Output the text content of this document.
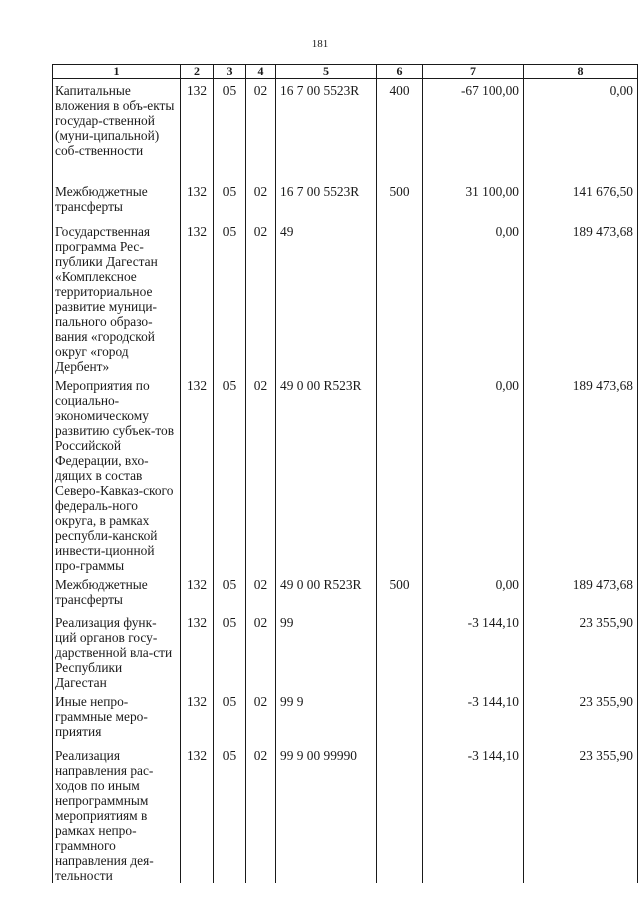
181
1	2	3	4	5	6	7	8
Капитальные вложения в объ-екты государ-ственной (муни-ципальной) соб-ственности	132	05	02	16 7 00 5523R	400	-67 100,00	0,00
Межбюджетные трансферты	132	05	02	16 7 00 5523R	500	31 100,00	141 676,50
Государственная программа Рес-публики Дагестан «Комплексное территориальное развитие муници-пального образо-вания «городской округ «город Дербент»	132	05	02	49		0,00	189 473,68
Мероприятия по социально-экономическому развитию субъек-тов Российской Федерации, вхо-дящих в состав Северо-Кавказ-ского федераль-ного округа, в рамках республи-канской инвести-ционной про-граммы	132	05	02	49 0 00 R523R		0,00	189 473,68
Межбюджетные трансферты	132	05	02	49 0 00 R523R	500	0,00	189 473,68
Реализация функ-ций органов госу-дарственной вла-сти Республики Дагестан	132	05	02	99		-3 144,10	23 355,90
Иные непро-граммные меро-приятия	132	05	02	99 9		-3 144,10	23 355,90
Реализация направления рас-ходов по иным непрограммным мероприятиям в рамках непро-граммного направления дея-тельности	132	05	02	99 9 00 99990		-3 144,10	23 355,90
